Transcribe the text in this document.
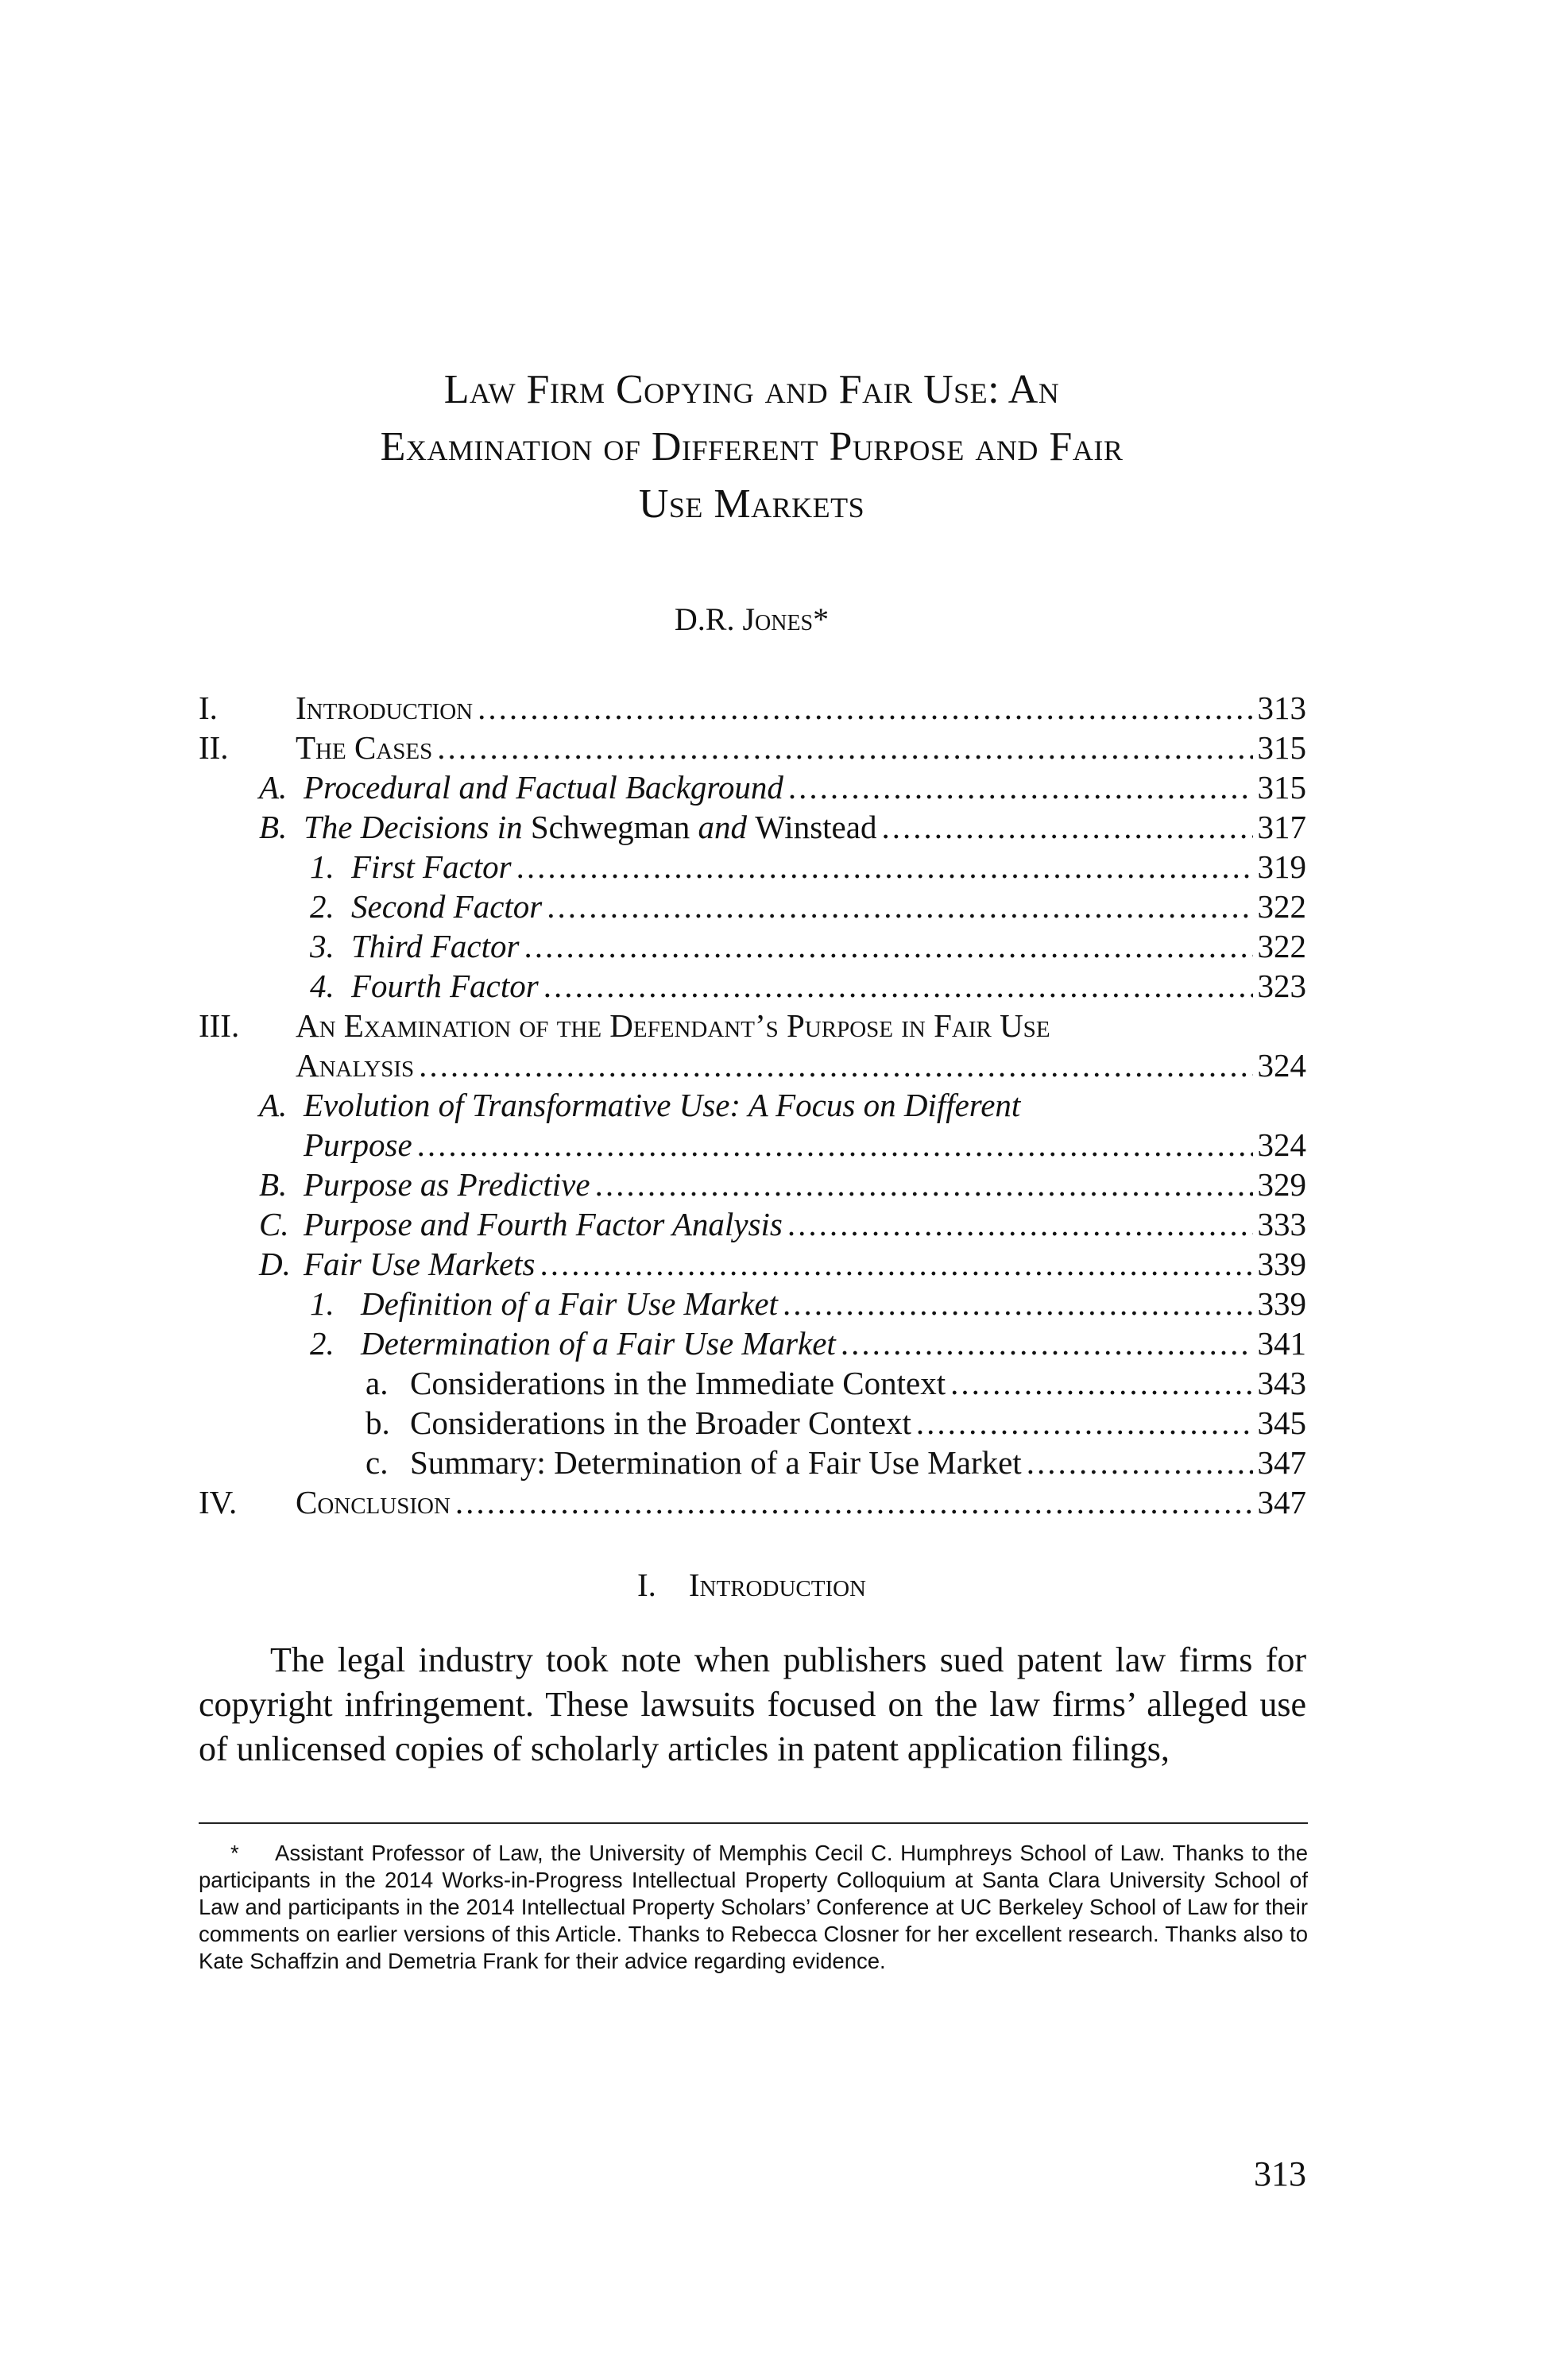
Law Firm Copying and Fair Use: An
Examination of Different Purpose and Fair
Use Markets
D.R. Jones*
I. Introduction .....	313
II. The Cases .....	315
A. Procedural and Factual Background .....	315
B. The Decisions in Schwegman and Winstead .....	317
1. First Factor .....	319
2. Second Factor .....	322
3. Third Factor .....	322
4. Fourth Factor .....	323
III. An Examination of the Defendant’s Purpose in Fair Use
Analysis .....	324
A. Evolution of Transformative Use: A Focus on Different
Purpose .....	324
B. Purpose as Predictive .....	329
C. Purpose and Fourth Factor Analysis .....	333
D. Fair Use Markets .....	339
1. Definition of a Fair Use Market .....	339
2. Determination of a Fair Use Market .....	341
a. Considerations in the Immediate Context .....	343
b. Considerations in the Broader Context .....	345
c. Summary: Determination of a Fair Use Market .....	347
IV. Conclusion .....	347
I.    Introduction

The legal industry took note when publishers sued patent law firms for copyright infringement. These lawsuits focused on the law firms’ alleged use of unlicensed copies of scholarly articles in patent application filings,

* Assistant Professor of Law, the University of Memphis Cecil C. Humphreys School of Law. Thanks to the participants in the 2014 Works-in-Progress Intellectual Property Colloquium at Santa Clara University School of Law and participants in the 2014 Intellectual Property Scholars’ Conference at UC Berkeley School of Law for their comments on earlier versions of this Article. Thanks to Rebecca Closner for her excellent research. Thanks also to Kate Schaffzin and Demetria Frank for their advice regarding evidence.
313
